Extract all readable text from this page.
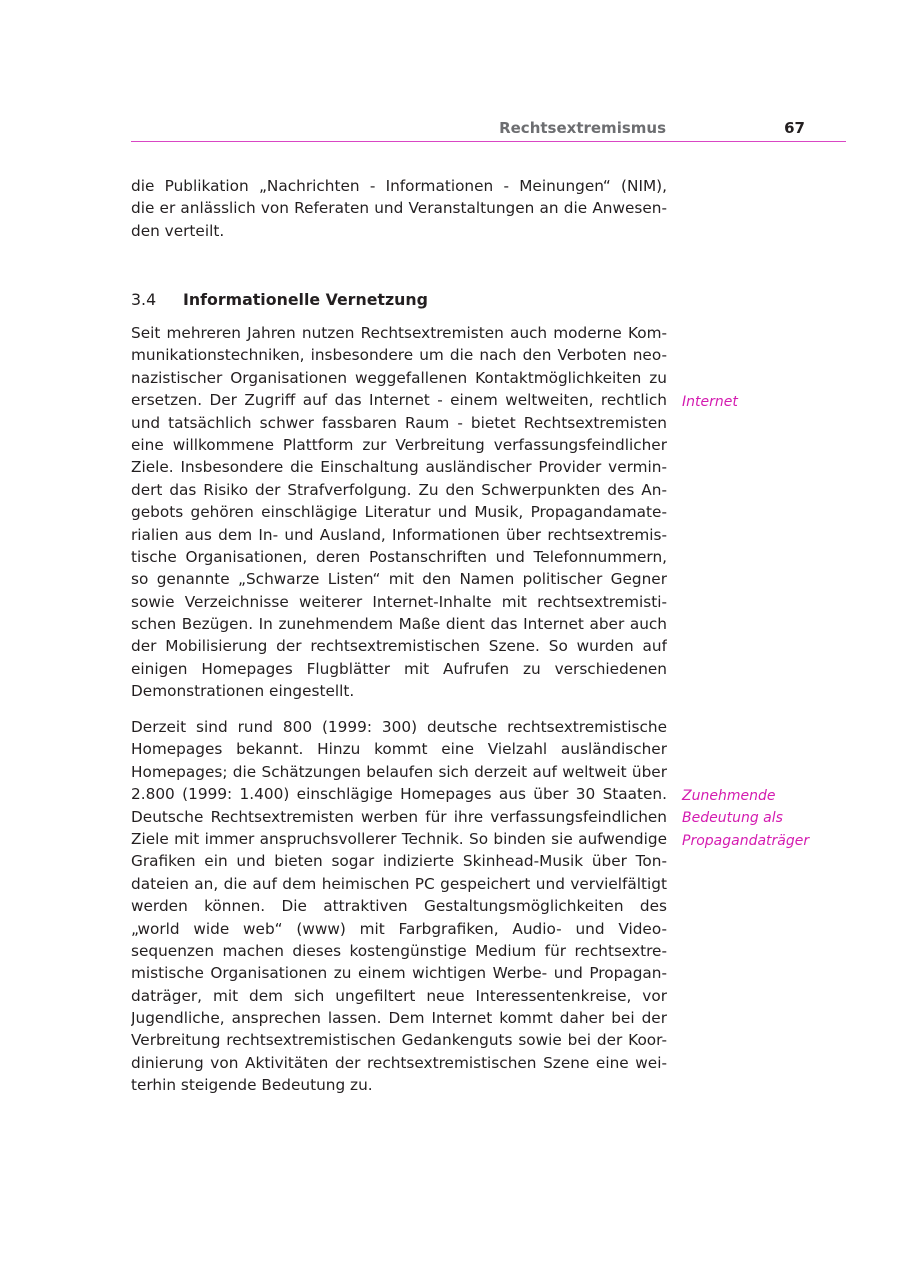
Rechtsextremismus	67

die Publikation „Nachrichten - Informationen - Meinungen“ (NIM),
die er anlässlich von Referaten und Veranstaltungen an die Anwesen-
den verteilt.

3.4 Informationelle Vernetzung

Seit mehreren Jahren nutzen Rechtsextremisten auch moderne Kom-
munikationstechniken, insbesondere um die nach den Verboten neo-
nazistischer Organisationen weggefallenen Kontaktmöglichkeiten zu
ersetzen. Der Zugriff auf das Internet - einem weltweiten, rechtlich
und tatsächlich schwer fassbaren Raum - bietet Rechtsextremisten
eine willkommene Plattform zur Verbreitung verfassungsfeindlicher
Ziele. Insbesondere die Einschaltung ausländischer Provider vermin-
dert das Risiko der Strafverfolgung. Zu den Schwerpunkten des An-
gebots gehören einschlägige Literatur und Musik, Propagandamate-
rialien aus dem In- und Ausland, Informationen über rechtsextremis-
tische Organisationen, deren Postanschriften und Telefonnummern,
so genannte „Schwarze Listen“ mit den Namen politischer Gegner
sowie Verzeichnisse weiterer Internet-Inhalte mit rechtsextremisti-
schen Bezügen. In zunehmendem Maße dient das Internet aber auch
der Mobilisierung der rechtsextremistischen Szene. So wurden auf
einigen Homepages Flugblätter mit Aufrufen zu verschiedenen
Demonstrationen eingestellt.

Derzeit sind rund 800 (1999: 300) deutsche rechtsextremistische
Homepages bekannt. Hinzu kommt eine Vielzahl ausländischer
Homepages; die Schätzungen belaufen sich derzeit auf weltweit über
2.800 (1999: 1.400) einschlägige Homepages aus über 30 Staaten.
Deutsche Rechtsextremisten werben für ihre verfassungsfeindlichen
Ziele mit immer anspruchsvollerer Technik. So binden sie aufwendige
Grafiken ein und bieten sogar indizierte Skinhead-Musik über Ton-
dateien an, die auf dem heimischen PC gespeichert und vervielfältigt
werden können. Die attraktiven Gestaltungsmöglichkeiten des
„world wide web“ (www) mit Farbgrafiken, Audio- und Video-
sequenzen machen dieses kostengünstige Medium für rechtsextre-
mistische Organisationen zu einem wichtigen Werbe- und Propagan-
daträger, mit dem sich ungefiltert neue Interessentenkreise, vor
Jugendliche, ansprechen lassen. Dem Internet kommt daher bei der
Verbreitung rechtsextremistischen Gedankenguts sowie bei der Koor-
dinierung von Aktivitäten der rechtsextremistischen Szene eine wei-
terhin steigende Bedeutung zu.

Internet

Zunehmende
Bedeutung als
Propagandaträger
